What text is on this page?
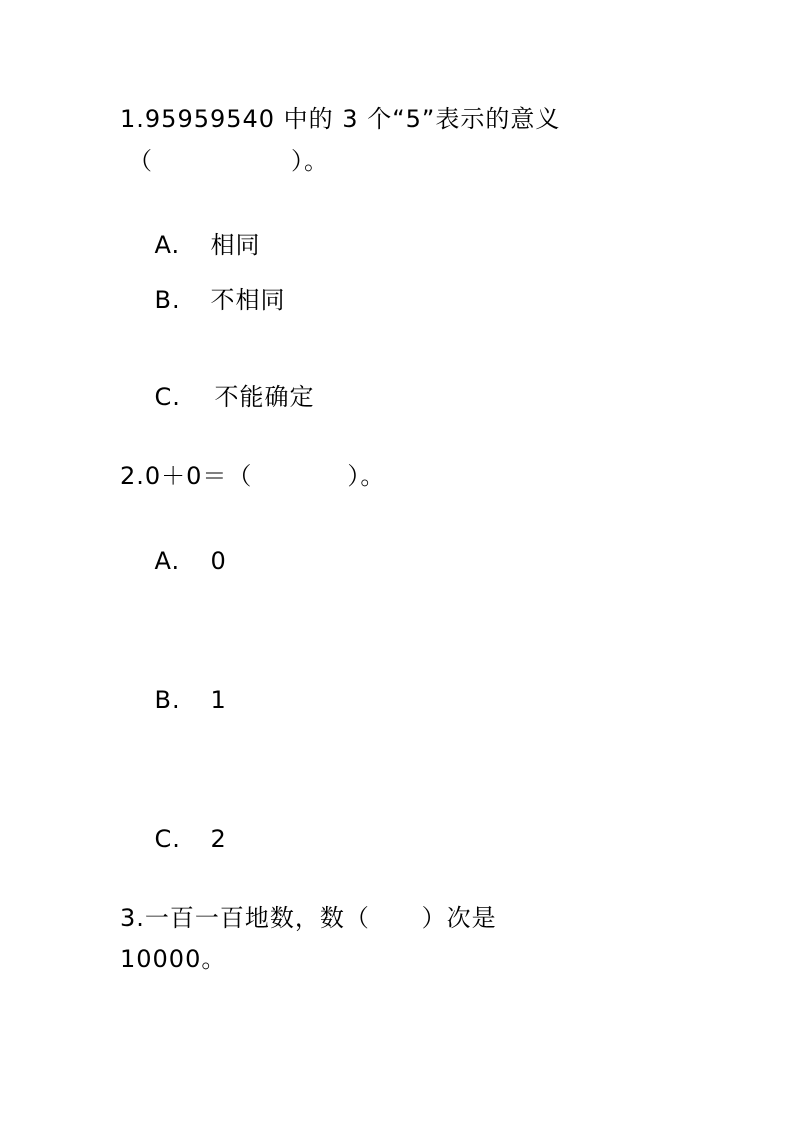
1.95959540 中的 3 个“5”表示的意义
（                ）。

A. 相同

B. 不相同

C. 不能确定

2.0＋0＝（           ）。

A. 0

B. 1

C. 2

3.一百一百地数，数（      ）次是
10000。
